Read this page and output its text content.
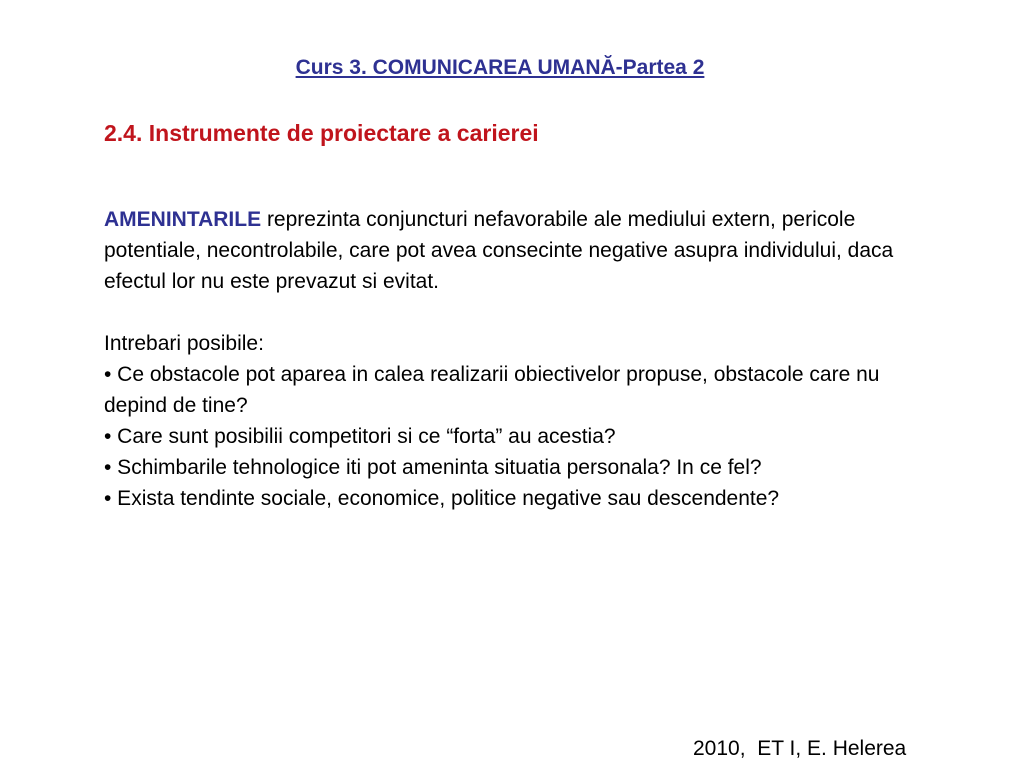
Curs 3. COMUNICAREA UMANĂ-Partea 2
2.4. Instrumente de proiectare a carierei

AMENINTARILE reprezinta conjuncturi nefavorabile ale mediului extern, pericole potentiale, necontrolabile, care pot avea consecinte negative asupra individului, daca efectul lor nu este prevazut si evitat.

Intrebari posibile:

• Ce obstacole pot aparea in calea realizarii obiectivelor propuse, obstacole care nu depind de tine?

• Care sunt posibilii competitori si ce “forta” au acestia?

• Schimbarile tehnologice iti pot ameninta situatia personala? In ce fel?

• Exista tendinte sociale, economice, politice negative sau descendente?

2010,  ET I, E. Helerea
